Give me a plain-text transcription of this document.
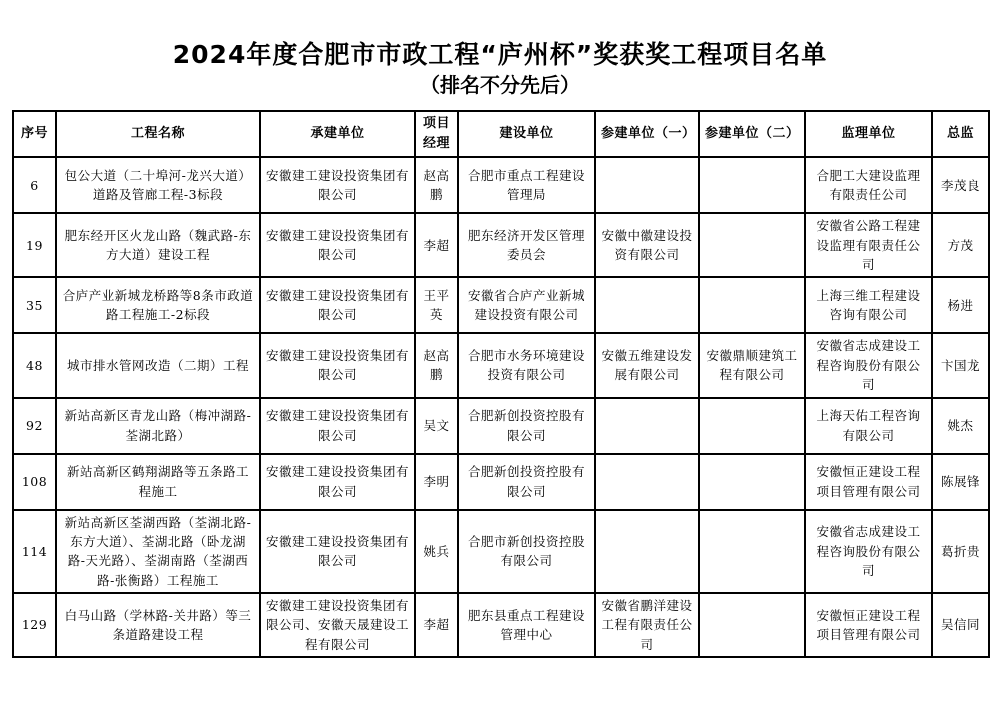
2024年度合肥市市政工程“庐州杯”奖获奖工程项目名单
（排名不分先后）
序号	工程名称	承建单位	项目经理	建设单位	参建单位（一）	参建单位（二）	监理单位	总监
6	包公大道（二十埠河-龙兴大道）道路及管廊工程-3标段	安徽建工建设投资集团有限公司	赵高鹏	合肥市重点工程建设管理局			合肥工大建设监理有限责任公司	李茂良
19	肥东经开区火龙山路（魏武路-东方大道）建设工程	安徽建工建设投资集团有限公司	李超	肥东经济开发区管理委员会	安徽中徽建设投资有限公司		安徽省公路工程建设监理有限责任公司	方茂
35	合庐产业新城龙桥路等8条市政道路工程施工-2标段	安徽建工建设投资集团有限公司	王平英	安徽省合庐产业新城建设投资有限公司			上海三维工程建设咨询有限公司	杨进
48	城市排水管网改造（二期）工程	安徽建工建设投资集团有限公司	赵高鹏	合肥市水务环境建设投资有限公司	安徽五维建设发展有限公司	安徽鼎顺建筑工程有限公司	安徽省志成建设工程咨询股份有限公司	卞国龙
92	新站高新区青龙山路（梅冲湖路-荃湖北路）	安徽建工建设投资集团有限公司	吴文	合肥新创投资控股有限公司			上海天佑工程咨询有限公司	姚杰
108	新站高新区鹤翔湖路等五条路工程施工	安徽建工建设投资集团有限公司	李明	合肥新创投资控股有限公司			安徽恒正建设工程项目管理有限公司	陈展锋
114	新站高新区荃湖西路（荃湖北路-东方大道）、荃湖北路（卧龙湖路-天光路）、荃湖南路（荃湖西路-张衡路）工程施工	安徽建工建设投资集团有限公司	姚兵	合肥市新创投资控股有限公司			安徽省志成建设工程咨询股份有限公司	葛折贵
129	白马山路（学林路-关井路）等三条道路建设工程	安徽建工建设投资集团有限公司、安徽天晟建设工程有限公司	李超	肥东县重点工程建设管理中心	安徽省鹏洋建设工程有限责任公司		安徽恒正建设工程项目管理有限公司	吴信同
